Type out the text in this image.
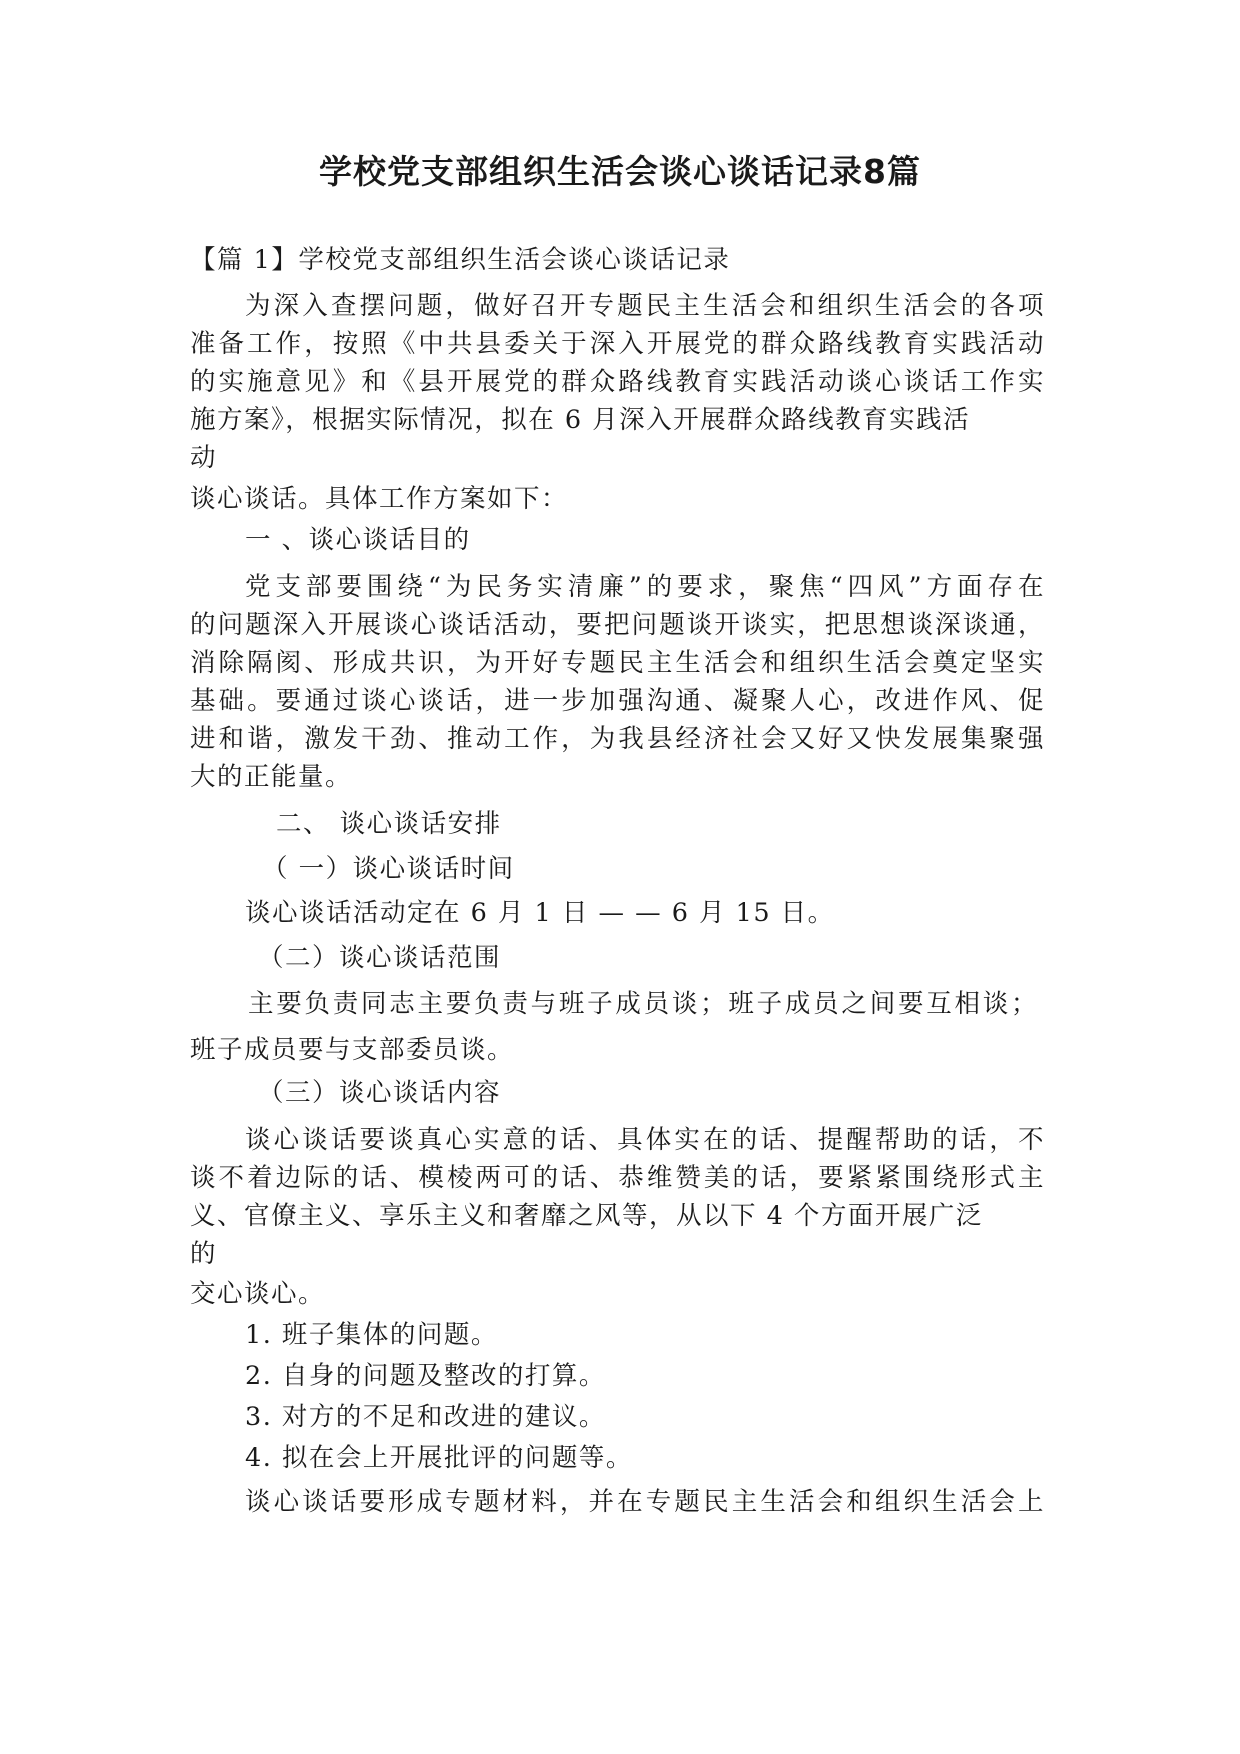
学校党支部组织生活会谈心谈话记录8篇
【篇 1】学校党支部组织生活会谈心谈话记录
为深入查摆问题，做好召开专题民主生活会和组织生活会的各项
准备工作，按照《中共县委关于深入开展党的群众路线教育实践活动
的实施意见》和《县开展党的群众路线教育实践活动谈心谈话工作实
施方案》，根据实际情况，拟在 6 月深入开展群众路线教育实践活
动
谈心谈话。具体工作方案如下：
一 、谈心谈话目的
党支部要围绕“为民务实清廉”的要求，聚焦“四风”方面存在
的问题深入开展谈心谈话活动，要把问题谈开谈实，把思想谈深谈通，
消除隔阂、形成共识，为开好专题民主生活会和组织生活会奠定坚实
基础。要通过谈心谈话，进一步加强沟通、凝聚人心，改进作风、促
进和谐，激发干劲、推动工作，为我县经济社会又好又快发展集聚强
大的正能量。
二、 谈心谈话安排
（ 一）谈心谈话时间
谈心谈话活动定在 6 月 1 日 — — 6 月 15 日。
（二）谈心谈话范围
主要负责同志主要负责与班子成员谈；班子成员之间要互相谈；
班子成员要与支部委员谈。
（三）谈心谈话内容
谈心谈话要谈真心实意的话、具体实在的话、提醒帮助的话，不
谈不着边际的话、模棱两可的话、恭维赞美的话，要紧紧围绕形式主
义、官僚主义、享乐主义和奢靡之风等，从以下 4 个方面开展广泛
的
交心谈心。
1. 班子集体的问题。
2. 自身的问题及整改的打算。
3. 对方的不足和改进的建议。
4. 拟在会上开展批评的问题等。
谈心谈话要形成专题材料，并在专题民主生活会和组织生活会上
